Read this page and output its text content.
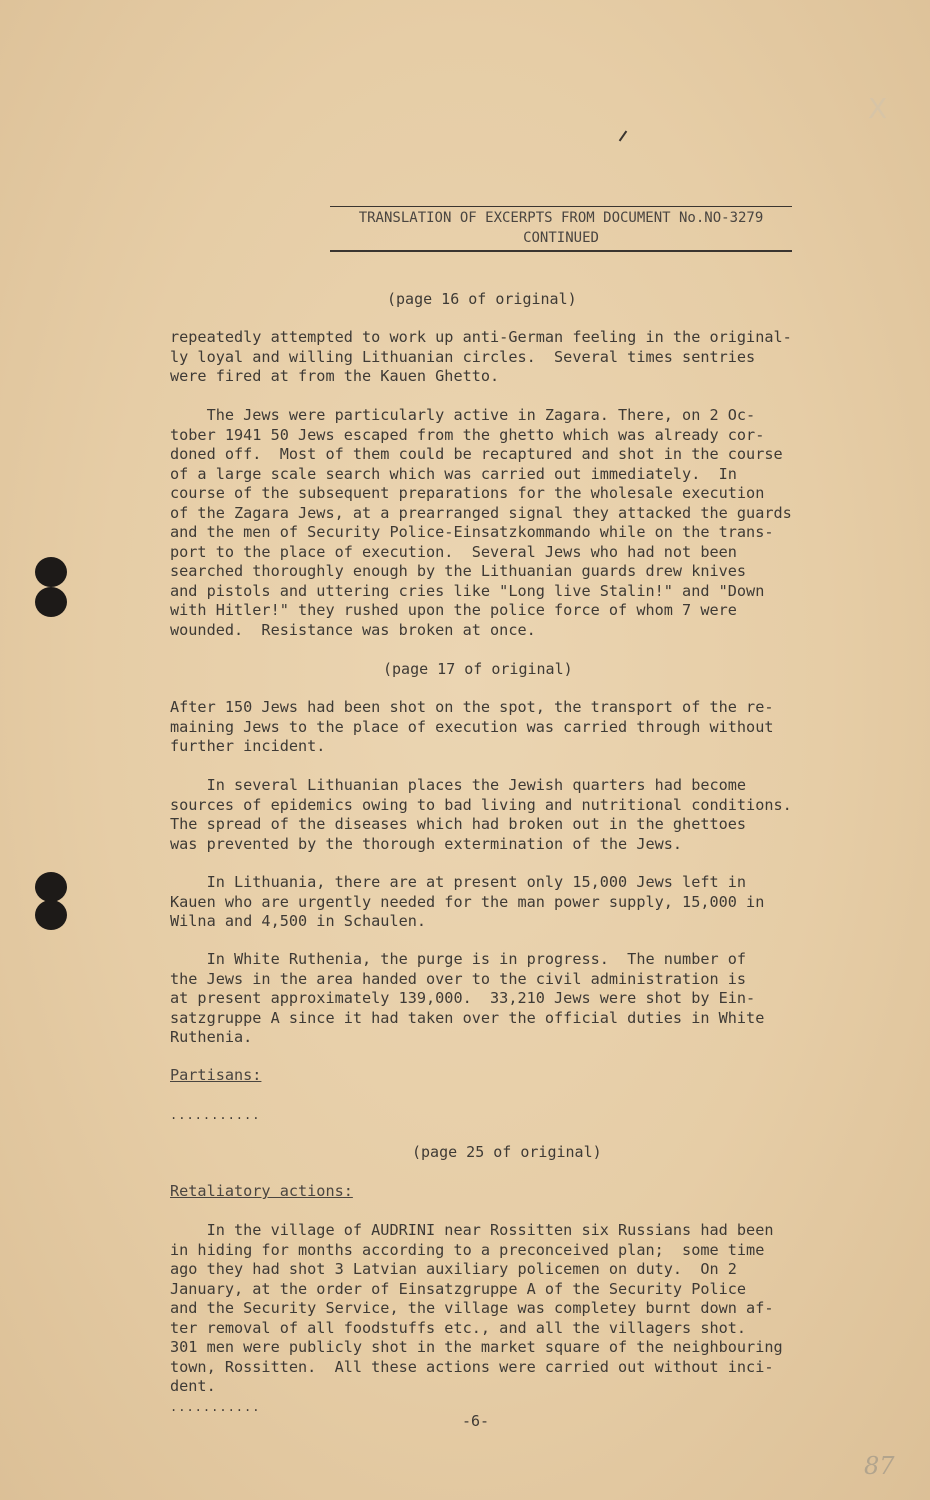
X
TRANSLATION OF EXCERPTS FROM DOCUMENT No.NO-3279
CONTINUED
(page 16 of original)
repeatedly attempted to work up anti-German feeling in the original-
ly loyal and willing Lithuanian circles.  Several times sentries
were fired at from the Kauen Ghetto.
The Jews were particularly active in Zagara. There, on 2 Oc-
tober 1941 50 Jews escaped from the ghetto which was already cor-
doned off.  Most of them could be recaptured and shot in the course
of a large scale search which was carried out immediately.  In
course of the subsequent preparations for the wholesale execution
of the Zagara Jews, at a prearranged signal they attacked the guards
and the men of Security Police-Einsatzkommando while on the trans-
port to the place of execution.  Several Jews who had not been
searched thoroughly enough by the Lithuanian guards drew knives
and pistols and uttering cries like "Long live Stalin!" and "Down
with Hitler!" they rushed upon the police force of whom 7 were
wounded.  Resistance was broken at once.
(page 17 of original)
After 150 Jews had been shot on the spot, the transport of the re-
maining Jews to the place of execution was carried through without
further incident.
In several Lithuanian places the Jewish quarters had become
sources of epidemics owing to bad living and nutritional conditions.
The spread of the diseases which had broken out in the ghettoes
was prevented by the thorough extermination of the Jews.
In Lithuania, there are at present only 15,000 Jews left in
Kauen who are urgently needed for the man power supply, 15,000 in
Wilna and 4,500 in Schaulen.
In White Ruthenia, the purge is in progress.  The number of
the Jews in the area handed over to the civil administration is
at present approximately 139,000.  33,210 Jews were shot by Ein-
satzgruppe A since it had taken over the official duties in White
Ruthenia.
Partisans:
...........
(page 25 of original)
Retaliatory actions:
In the village of AUDRINI near Rossitten six Russians had been
in hiding for months according to a preconceived plan;  some time
ago they had shot 3 Latvian auxiliary policemen on duty.  On 2
January, at the order of Einsatzgruppe A of the Security Police
and the Security Service, the village was completey burnt down af-
ter removal of all foodstuffs etc., and all the villagers shot.
301 men were publicly shot in the market square of the neighbouring
town, Rossitten.  All these actions were carried out without inci-
dent.
...........
-6-
87
